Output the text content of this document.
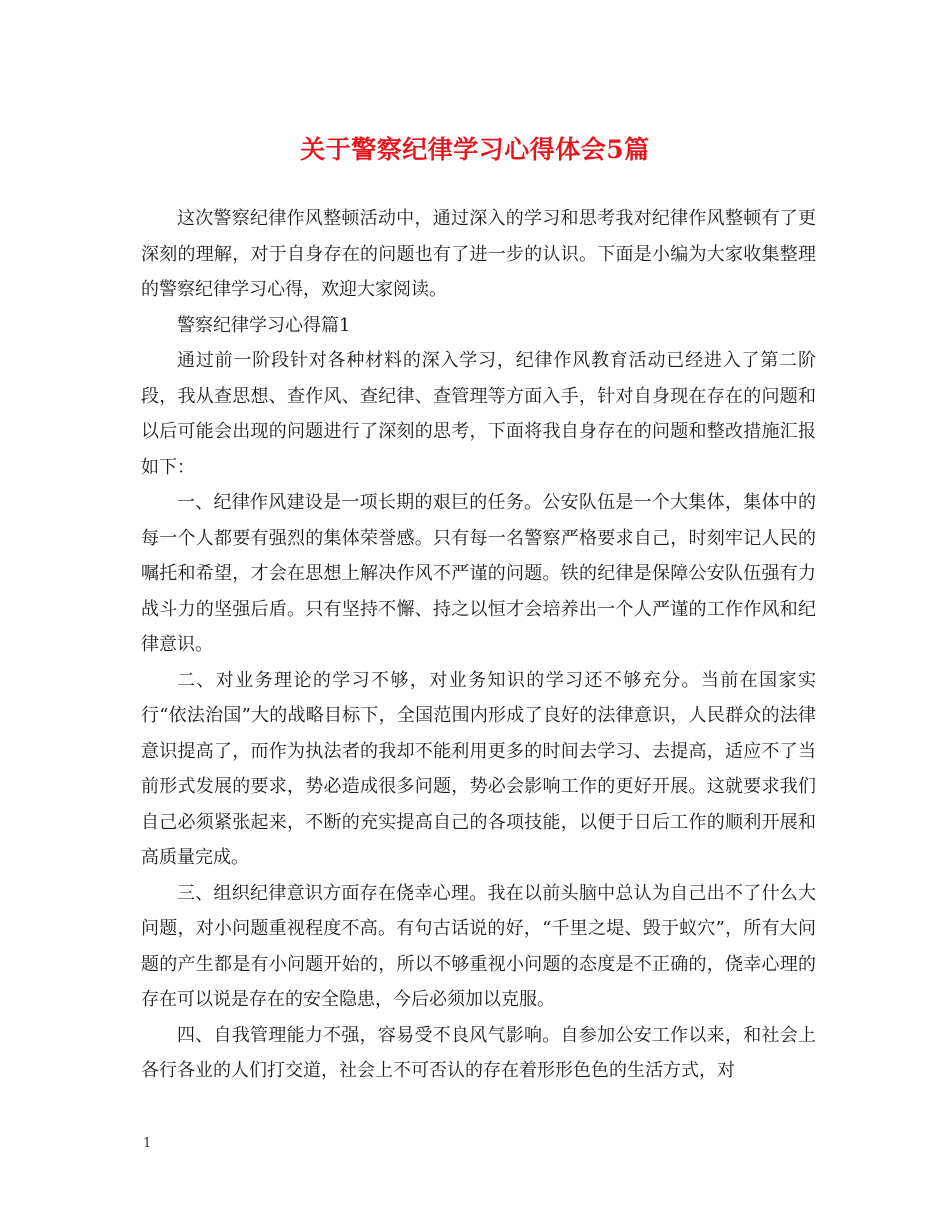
关于警察纪律学习心得体会5篇

这次警察纪律作风整顿活动中，通过深入的学习和思考我对纪律作风整顿有了更深刻的理解，对于自身存在的问题也有了进一步的认识。下面是小编为大家收集整理的警察纪律学习心得，欢迎大家阅读。

警察纪律学习心得篇1

通过前一阶段针对各种材料的深入学习，纪律作风教育活动已经进入了第二阶段，我从查思想、查作风、查纪律、查管理等方面入手，针对自身现在存在的问题和以后可能会出现的问题进行了深刻的思考，下面将我自身存在的问题和整改措施汇报如下：

一、纪律作风建设是一项长期的艰巨的任务。公安队伍是一个大集体，集体中的每一个人都要有强烈的集体荣誉感。只有每一名警察严格要求自己，时刻牢记人民的嘱托和希望，才会在思想上解决作风不严谨的问题。铁的纪律是保障公安队伍强有力战斗力的坚强后盾。只有坚持不懈、持之以恒才会培养出一个人严谨的工作作风和纪律意识。

二、对业务理论的学习不够，对业务知识的学习还不够充分。当前在国家实行“依法治国”大的战略目标下，全国范围内形成了良好的法律意识，人民群众的法律意识提高了，而作为执法者的我却不能利用更多的时间去学习、去提高，适应不了当前形式发展的要求，势必造成很多问题，势必会影响工作的更好开展。这就要求我们自己必须紧张起来，不断的充实提高自己的各项技能，以便于日后工作的顺利开展和高质量完成。

三、组织纪律意识方面存在侥幸心理。我在以前头脑中总认为自己出不了什么大问题，对小问题重视程度不高。有句古话说的好，“千里之堤、毁于蚁穴”，所有大问题的产生都是有小问题开始的，所以不够重视小问题的态度是不正确的，侥幸心理的存在可以说是存在的安全隐患，今后必须加以克服。

四、自我管理能力不强，容易受不良风气影响。自参加公安工作以来，和社会上各行各业的人们打交道，社会上不可否认的存在着形形色色的生活方式，对

1
